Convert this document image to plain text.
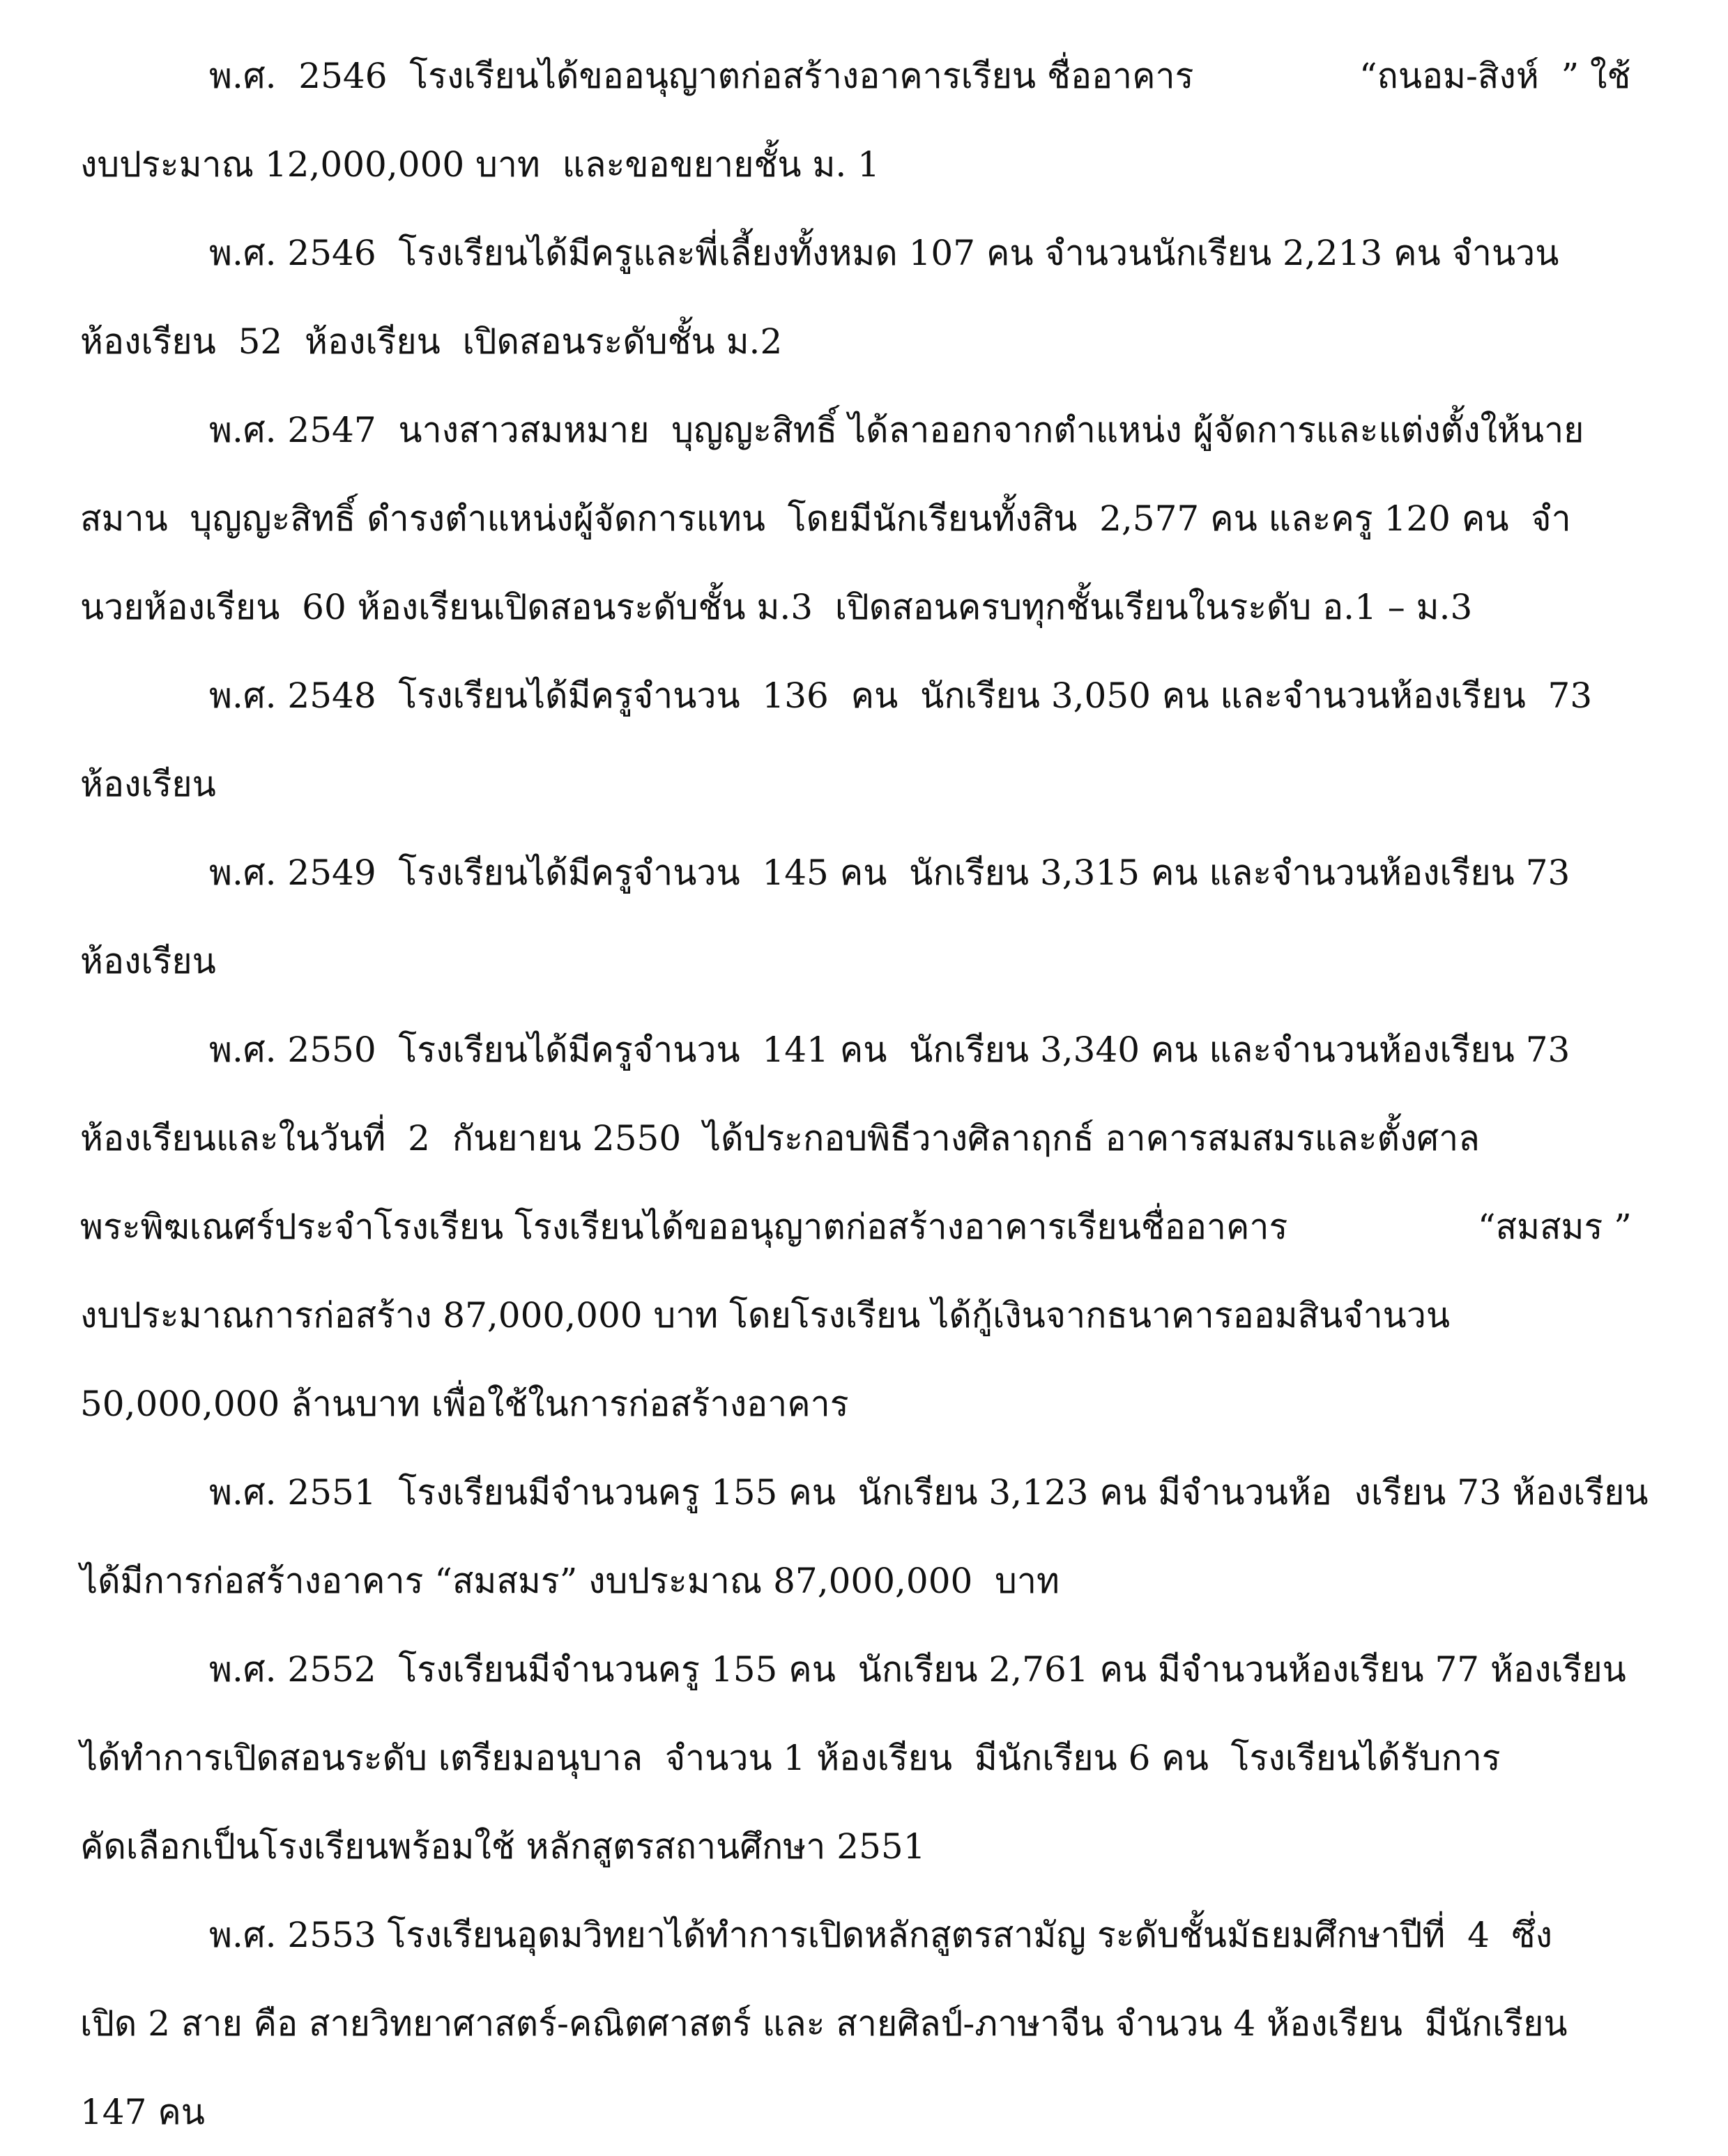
พ.ศ.  2546  โรงเรียนได้ขออนุญาตก่อสร้างอาคารเรียน ชื่ออาคาร	“ถนอม-สิงห์  ” ใช้
งบประมาณ 12,000,000 บาท  และขอขยายชั้น ม. 1
พ.ศ. 2546  โรงเรียนได้มีครูและพี่เลี้ยงทั้งหมด 107 คน จำนวนนักเรียน 2,213 คน จำนวน
ห้องเรียน  52  ห้องเรียน  เปิดสอนระดับชั้น ม.2
พ.ศ. 2547  นางสาวสมหมาย  บุญญะสิทธิ์ ได้ลาออกจากตำแหน่ง ผู้จัดการและแต่งตั้งให้นาย
สมาน  บุญญะสิทธิ์ ดำรงตำแหน่งผู้จัดการแทน  โดยมีนักเรียนทั้งสิน  2,577 คน และครู 120 คน  จำ
นวยห้องเรียน  60 ห้องเรียนเปิดสอนระดับชั้น ม.3  เปิดสอนครบทุกชั้นเรียนในระดับ อ.1 – ม.3
พ.ศ. 2548  โรงเรียนได้มีครูจำนวน  136  คน  นักเรียน 3,050 คน และจำนวนห้องเรียน  73
ห้องเรียน
พ.ศ. 2549  โรงเรียนได้มีครูจำนวน  145 คน  นักเรียน 3,315 คน และจำนวนห้องเรียน 73
ห้องเรียน
พ.ศ. 2550  โรงเรียนได้มีครูจำนวน  141 คน  นักเรียน 3,340 คน และจำนวนห้องเรียน 73
ห้องเรียนและในวันที่  2  กันยายน 2550  ได้ประกอบพิธีวางศิลาฤกธ์ อาคารสมสมรและตั้งศาล
พระพิฆเณศร์ประจำโรงเรียน โรงเรียนได้ขออนุญาตก่อสร้างอาคารเรียนชื่ออาคาร	“สมสมร ”
งบประมาณการก่อสร้าง 87,000,000 บาท โดยโรงเรียน ได้กู้เงินจากธนาคารออมสินจำนวน
50,000,000 ล้านบาท เพื่อใช้ในการก่อสร้างอาคาร
พ.ศ. 2551  โรงเรียนมีจำนวนครู 155 คน  นักเรียน 3,123 คน มีจำนวนห้อ  งเรียน 73 ห้องเรียน
ได้มีการก่อสร้างอาคาร “สมสมร” งบประมาณ 87,000,000  บาท
พ.ศ. 2552  โรงเรียนมีจำนวนครู 155 คน  นักเรียน 2,761 คน มีจำนวนห้องเรียน 77 ห้องเรียน
ได้ทำการเปิดสอนระดับ เตรียมอนุบาล  จำนวน 1 ห้องเรียน  มีนักเรียน 6 คน  โรงเรียนได้รับการ
คัดเลือกเป็นโรงเรียนพร้อมใช้ หลักสูตรสถานศึกษา 2551
พ.ศ. 2553 โรงเรียนอุดมวิทยาได้ทำการเปิดหลักสูตรสามัญ ระดับชั้นมัธยมศึกษาปีที่  4  ซึ่ง
เปิด 2 สาย คือ สายวิทยาศาสตร์-คณิตศาสตร์ และ สายศิลป์-ภาษาจีน จำนวน 4 ห้องเรียน  มีนักเรียน
147 คน
